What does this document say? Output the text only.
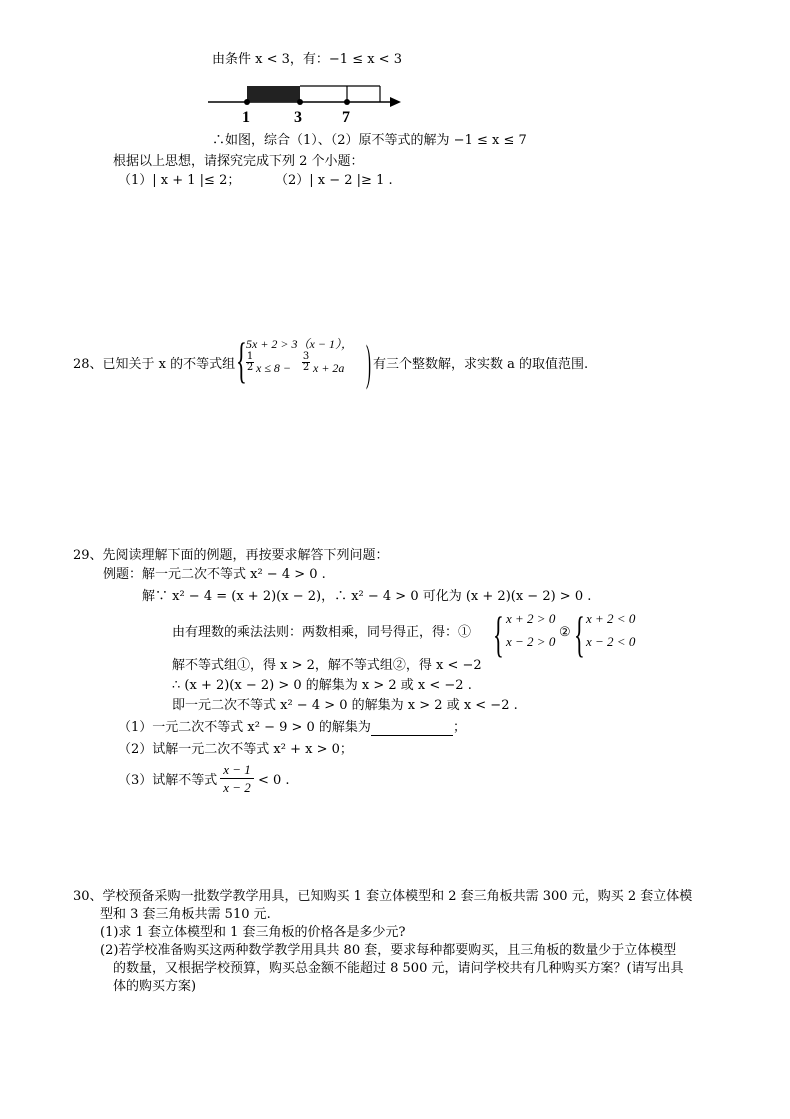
由条件 x < 3，有：−1 ≤ x < 3
1	3	7
∴如图，综合（1）、（2）原不等式的解为 −1 ≤ x ≤ 7
根据以上思想，请探究完成下列 2 个小题：
（1）| x + 1 |≤ 2；	（2）| x − 2 |≥ 1 .
28、已知关于 x 的不等式组 { 5x + 2 > 3（x − 1），
$\frac{1}{2}$ $x \le 8 - \frac{3}{2}$ x + 2a ) 有三个整数解，求实数 a 的取值范围.
29、先阅读理解下面的例题，再按要求解答下列问题：
例题：解一元二次不等式 x² − 4 > 0 .
解∵ x² − 4 = (x + 2)(x − 2)，∴ x² − 4 > 0 可化为 (x + 2)(x − 2) > 0 .
由有理数的乘法法则：两数相乘，同号得正，得：① { x + 2 > 0
x − 2 > 0
② { x + 2 < 0
x − 2 < 0
解不等式组①，得 x > 2，解不等式组②，得 x < −2
∴ (x + 2)(x − 2) > 0 的解集为 x > 2 或 x < −2 .
即一元二次不等式 x² − 4 > 0 的解集为 x > 2 或 x < −2 .
（1）一元二次不等式 x² − 9 > 0 的解集为	；
（2）试解一元二次不等式 x² + x > 0；
（3）试解不等式 $\frac{x - 1}{x - 2} < 0$ .
30、学校预备采购一批数学教学用具，已知购买 1 套立体模型和 2 套三角板共需 300 元，购买 2 套立体模
型和 3 套三角板共需 510 元.
(1)求 1 套立体模型和 1 套三角板的价格各是多少元?
(2)若学校准备购买这两种数学教学用具共 80 套，要求每种都要购买，且三角板的数量少于立体模型
的数量，又根据学校预算，购买总金额不能超过 8 500 元，请问学校共有几种购买方案？(请写出具
体的购买方案)
